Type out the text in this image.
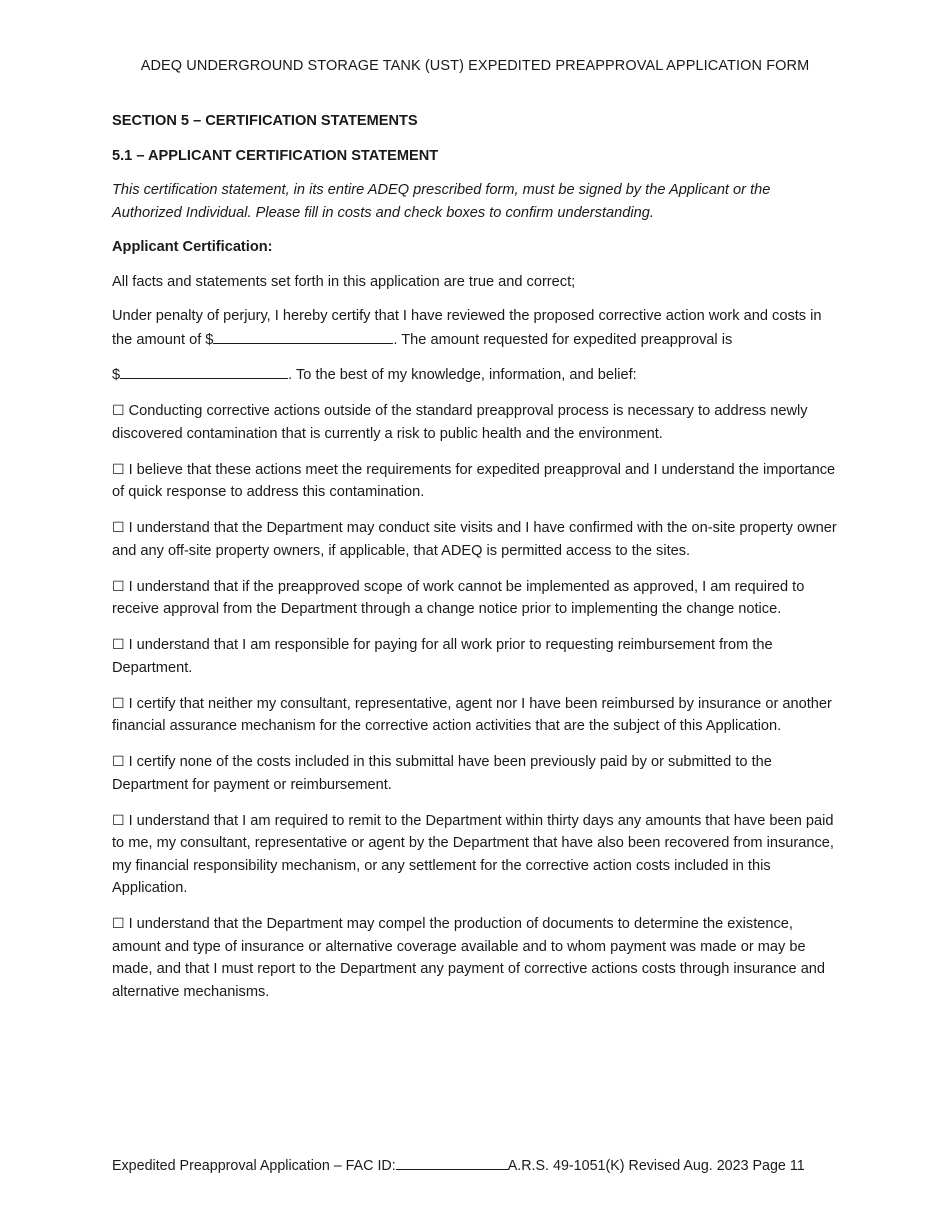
ADEQ UNDERGROUND STORAGE TANK (UST) EXPEDITED PREAPPROVAL APPLICATION FORM

SECTION 5 – CERTIFICATION STATEMENTS

5.1 – APPLICANT CERTIFICATION STATEMENT

This certification statement, in its entire ADEQ prescribed form, must be signed by the Applicant or the Authorized Individual. Please fill in costs and check boxes to confirm understanding.

Applicant Certification:

All facts and statements set forth in this application are true and correct;

Under penalty of perjury, I hereby certify that I have reviewed the proposed corrective action work and costs in the amount of $	. The amount requested for expedited preapproval is

$	. To the best of my knowledge, information, and belief:

☐ Conducting corrective actions outside of the standard preapproval process is necessary to address newly discovered contamination that is currently a risk to public health and the environment.

☐ I believe that these actions meet the requirements for expedited preapproval and I understand the importance of quick response to address this contamination.

☐ I understand that the Department may conduct site visits and I have confirmed with the on-site property owner and any off-site property owners, if applicable, that ADEQ is permitted access to the sites.

☐ I understand that if the preapproved scope of work cannot be implemented as approved, I am required to receive approval from the Department through a change notice prior to implementing the change notice.

☐ I understand that I am responsible for paying for all work prior to requesting reimbursement from the Department.

☐ I certify that neither my consultant, representative, agent nor I have been reimbursed by insurance or another financial assurance mechanism for the corrective action activities that are the subject of this Application.

☐ I certify none of the costs included in this submittal have been previously paid by or submitted to the Department for payment or reimbursement.

☐ I understand that I am required to remit to the Department within thirty days any amounts that have been paid to me, my consultant, representative or agent by the Department that have also been recovered from insurance, my financial responsibility mechanism, or any settlement for the corrective action costs included in this Application.

☐ I understand that the Department may compel the production of documents to determine the existence, amount and type of insurance or alternative coverage available and to whom payment was made or may be made, and that I must report to the Department any payment of corrective actions costs through insurance and alternative mechanisms.

Expedited Preapproval Application – FAC ID:	A.R.S. 49-1051(K) Revised Aug. 2023 Page 11
